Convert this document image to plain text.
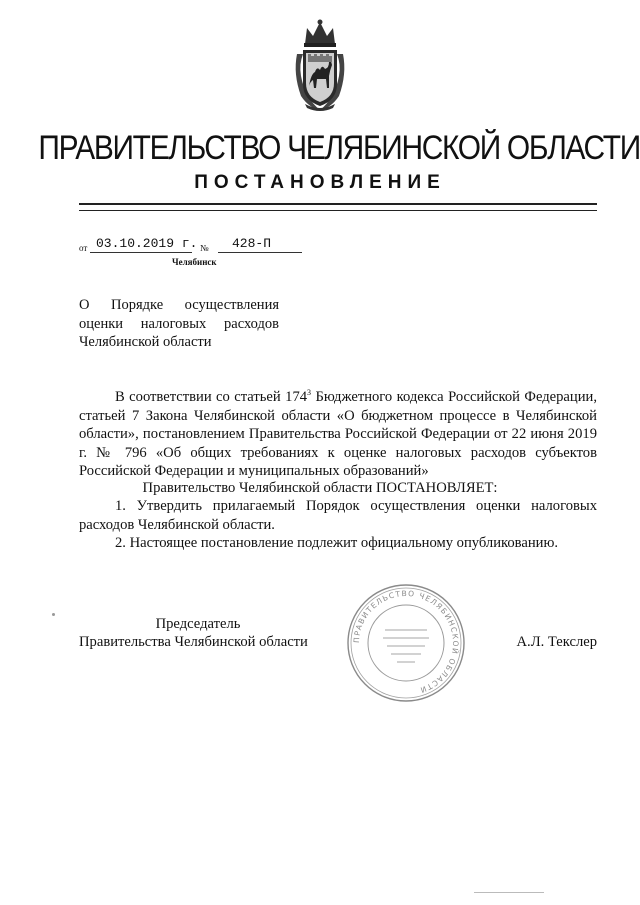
ПРАВИТЕЛЬСТВО ЧЕЛЯБИНСКОЙ ОБЛАСТИ
ПОСТАНОВЛЕНИЕ
от 03.10.2019 г. № 428-П
Челябинск
О Порядке осуществления
оценки налоговых расходов
Челябинской области
В соответствии со статьей $174^3$ Бюджетного кодекса Российской Федерации, статьей 7 Закона Челябинской области «О бюджетном процессе в Челябинской области», постановлением Правительства Российской Федерации от 22 июня 2019 г. № 796 «Об общих требованиях к оценке налоговых расходов субъектов Российской Федерации и муниципальных образований»
Правительство Челябинской области ПОСТАНОВЛЯЕТ:
1. Утвердить прилагаемый Порядок осуществления оценки налоговых расходов Челябинской области.
2. Настоящее постановление подлежит официальному опубликованию.
Председатель
Правительства Челябинской области	ПРАВИТЕЛЬСТВО ЧЕЛЯБИНСКОЙ ОБЛАСТИ
А.Л. Текслер
